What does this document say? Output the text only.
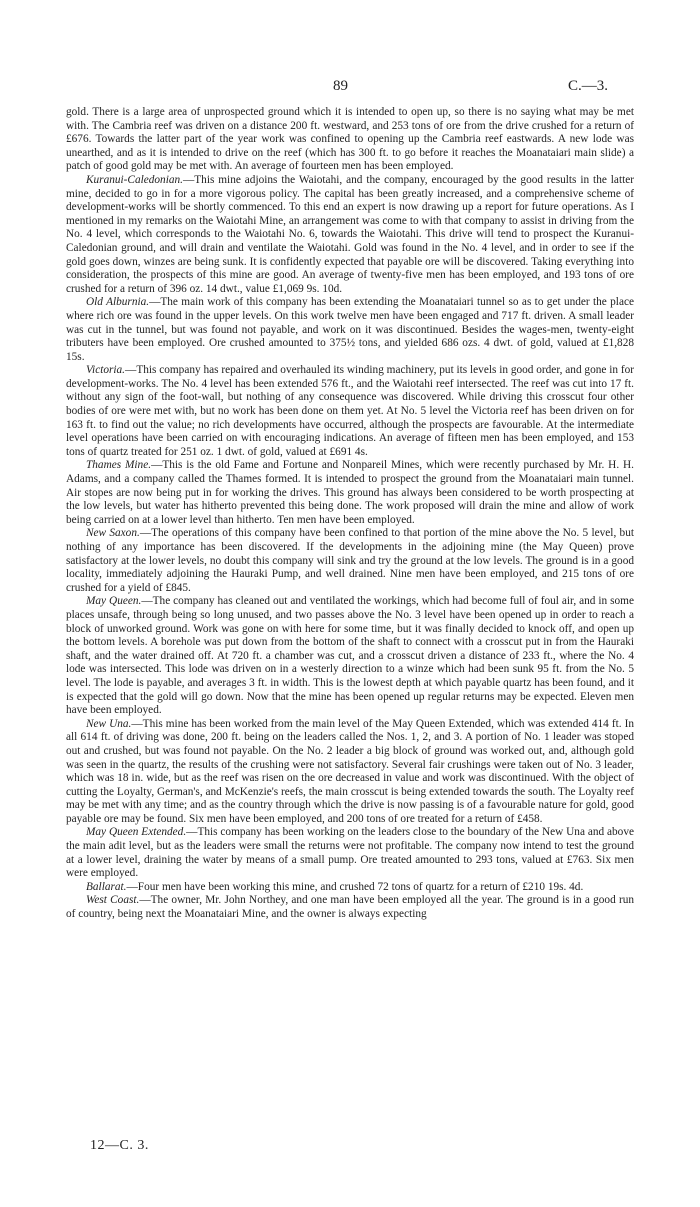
89	C.—3.

gold. There is a large area of unprospected ground which it is intended to open up, so there is no saying what may be met with. The Cambria reef was driven on a distance 200 ft. westward, and 253 tons of ore from the drive crushed for a return of £676. Towards the latter part of the year work was confined to opening up the Cambria reef eastwards. A new lode was unearthed, and as it is intended to drive on the reef (which has 300 ft. to go before it reaches the Moanataiari main slide) a patch of good gold may be met with. An average of fourteen men has been employed.

Kuranui-Caledonian.—This mine adjoins the Waiotahi, and the company, encouraged by the good results in the latter mine, decided to go in for a more vigorous policy. The capital has been greatly increased, and a comprehensive scheme of development-works will be shortly commenced. To this end an expert is now drawing up a report for future operations. As I mentioned in my remarks on the Waiotahi Mine, an arrangement was come to with that company to assist in driving from the No. 4 level, which corresponds to the Waiotahi No. 6, towards the Waiotahi. This drive will tend to prospect the Kuranui-Caledonian ground, and will drain and ventilate the Waiotahi. Gold was found in the No. 4 level, and in order to see if the gold goes down, winzes are being sunk. It is confidently expected that payable ore will be discovered. Taking everything into consideration, the prospects of this mine are good. An average of twenty-five men has been employed, and 193 tons of ore crushed for a return of 396 oz. 14 dwt., value £1,069 9s. 10d.

Old Alburnia.—The main work of this company has been extending the Moanataiari tunnel so as to get under the place where rich ore was found in the upper levels. On this work twelve men have been engaged and 717 ft. driven. A small leader was cut in the tunnel, but was found not payable, and work on it was discontinued. Besides the wages-men, twenty-eight tributers have been employed. Ore crushed amounted to 375½ tons, and yielded 686 ozs. 4 dwt. of gold, valued at £1,828 15s.

Victoria.—This company has repaired and overhauled its winding machinery, put its levels in good order, and gone in for development-works. The No. 4 level has been extended 576 ft., and the Waiotahi reef intersected. The reef was cut into 17 ft. without any sign of the foot-wall, but nothing of any consequence was discovered. While driving this crosscut four other bodies of ore were met with, but no work has been done on them yet. At No. 5 level the Victoria reef has been driven on for 163 ft. to find out the value; no rich developments have occurred, although the prospects are favourable. At the intermediate level operations have been carried on with encouraging indications. An average of fifteen men has been employed, and 153 tons of quartz treated for 251 oz. 1 dwt. of gold, valued at £691 4s.

Thames Mine.—This is the old Fame and Fortune and Nonpareil Mines, which were recently purchased by Mr. H. H. Adams, and a company called the Thames formed. It is intended to prospect the ground from the Moanataiari main tunnel. Air stopes are now being put in for working the drives. This ground has always been considered to be worth prospecting at the low levels, but water has hitherto prevented this being done. The work proposed will drain the mine and allow of work being carried on at a lower level than hitherto. Ten men have been employed.

New Saxon.—The operations of this company have been confined to that portion of the mine above the No. 5 level, but nothing of any importance has been discovered. If the developments in the adjoining mine (the May Queen) prove satisfactory at the lower levels, no doubt this company will sink and try the ground at the low levels. The ground is in a good locality, immediately adjoining the Hauraki Pump, and well drained. Nine men have been employed, and 215 tons of ore crushed for a yield of £845.

May Queen.—The company has cleaned out and ventilated the workings, which had become full of foul air, and in some places unsafe, through being so long unused, and two passes above the No. 3 level have been opened up in order to reach a block of unworked ground. Work was gone on with here for some time, but it was finally decided to knock off, and open up the bottom levels. A borehole was put down from the bottom of the shaft to connect with a crosscut put in from the Hauraki shaft, and the water drained off. At 720 ft. a chamber was cut, and a crosscut driven a distance of 233 ft., where the No. 4 lode was intersected. This lode was driven on in a westerly direction to a winze which had been sunk 95 ft. from the No. 5 level. The lode is payable, and averages 3 ft. in width. This is the lowest depth at which payable quartz has been found, and it is expected that the gold will go down. Now that the mine has been opened up regular returns may be expected. Eleven men have been employed.

New Una.—This mine has been worked from the main level of the May Queen Extended, which was extended 414 ft. In all 614 ft. of driving was done, 200 ft. being on the leaders called the Nos. 1, 2, and 3. A portion of No. 1 leader was stoped out and crushed, but was found not payable. On the No. 2 leader a big block of ground was worked out, and, although gold was seen in the quartz, the results of the crushing were not satisfactory. Several fair crushings were taken out of No. 3 leader, which was 18 in. wide, but as the reef was risen on the ore decreased in value and work was discontinued. With the object of cutting the Loyalty, German's, and McKenzie's reefs, the main crosscut is being extended towards the south. The Loyalty reef may be met with any time; and as the country through which the drive is now passing is of a favourable nature for gold, good payable ore may be found. Six men have been employed, and 200 tons of ore treated for a return of £458.

May Queen Extended.—This company has been working on the leaders close to the boundary of the New Una and above the main adit level, but as the leaders were small the returns were not profitable. The company now intend to test the ground at a lower level, draining the water by means of a small pump. Ore treated amounted to 293 tons, valued at £763. Six men were employed.

Ballarat.—Four men have been working this mine, and crushed 72 tons of quartz for a return of £210 19s. 4d.

West Coast.—The owner, Mr. John Northey, and one man have been employed all the year. The ground is in a good run of country, being next the Moanataiari Mine, and the owner is always expecting

12—C. 3.
